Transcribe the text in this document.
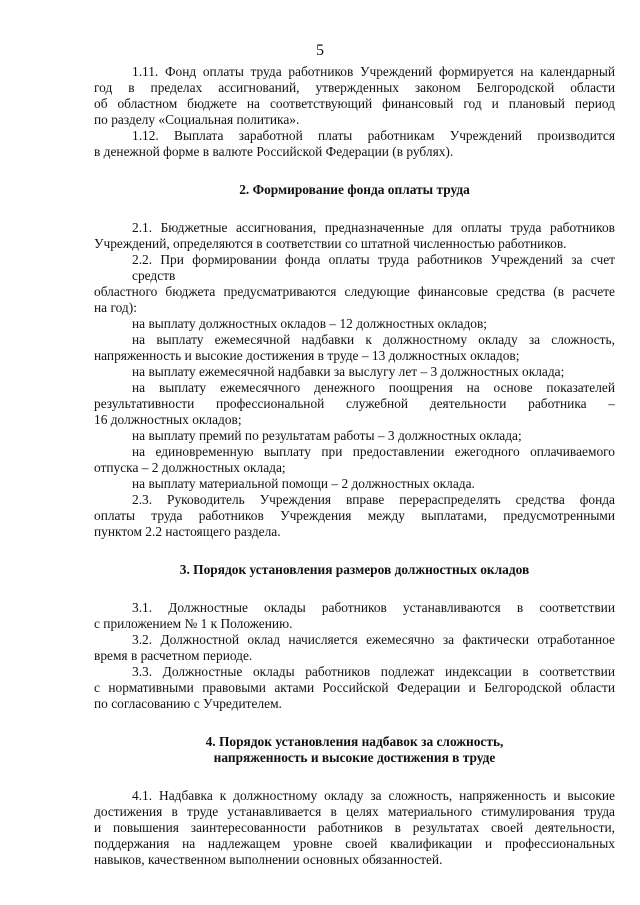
5
1.11. Фонд оплаты труда работников Учреждений формируется на календарный
год в пределах ассигнований, утвержденных законом Белгородской области
об областном бюджете на соответствующий финансовый год и плановый период
по разделу «Социальная политика».
1.12. Выплата заработной платы работникам Учреждений производится
в денежной форме в валюте Российской Федерации (в рублях).
2. Формирование фонда оплаты труда
2.1. Бюджетные ассигнования, предназначенные для оплаты труда работников
Учреждений, определяются в соответствии со штатной численностью работников.
2.2. При формировании фонда оплаты труда работников Учреждений за счет средств
областного бюджета предусматриваются следующие финансовые средства (в расчете
на год):
на выплату должностных окладов – 12 должностных окладов;
на выплату ежемесячной надбавки к должностному окладу за сложность,
напряженность и высокие достижения в труде – 13 должностных окладов;
на выплату ежемесячной надбавки за выслугу лет – 3 должностных оклада;
на выплату ежемесячного денежного поощрения на основе показателей
результативности профессиональной служебной деятельности работника –
16 должностных окладов;
на выплату премий по результатам работы – 3 должностных оклада;
на единовременную выплату при предоставлении ежегодного оплачиваемого
отпуска – 2 должностных оклада;
на выплату материальной помощи – 2 должностных оклада.
2.3. Руководитель Учреждения вправе перераспределять средства фонда
оплаты труда работников Учреждения между выплатами, предусмотренными
пунктом 2.2 настоящего раздела.
3. Порядок установления размеров должностных окладов
3.1. Должностные оклады работников устанавливаются в соответствии
с приложением № 1 к Положению.
3.2. Должностной оклад начисляется ежемесячно за фактически отработанное
время в расчетном периоде.
3.3. Должностные оклады работников подлежат индексации в соответствии
с нормативными правовыми актами Российской Федерации и Белгородской области
по согласованию с Учредителем.
4. Порядок установления надбавок за сложность,
напряженность и высокие достижения в труде
4.1. Надбавка к должностному окладу за сложность, напряженность и высокие
достижения в труде устанавливается в целях материального стимулирования труда
и повышения заинтересованности работников в результатах своей деятельности,
поддержания на надлежащем уровне своей квалификации и профессиональных
навыков, качественном выполнении основных обязанностей.
